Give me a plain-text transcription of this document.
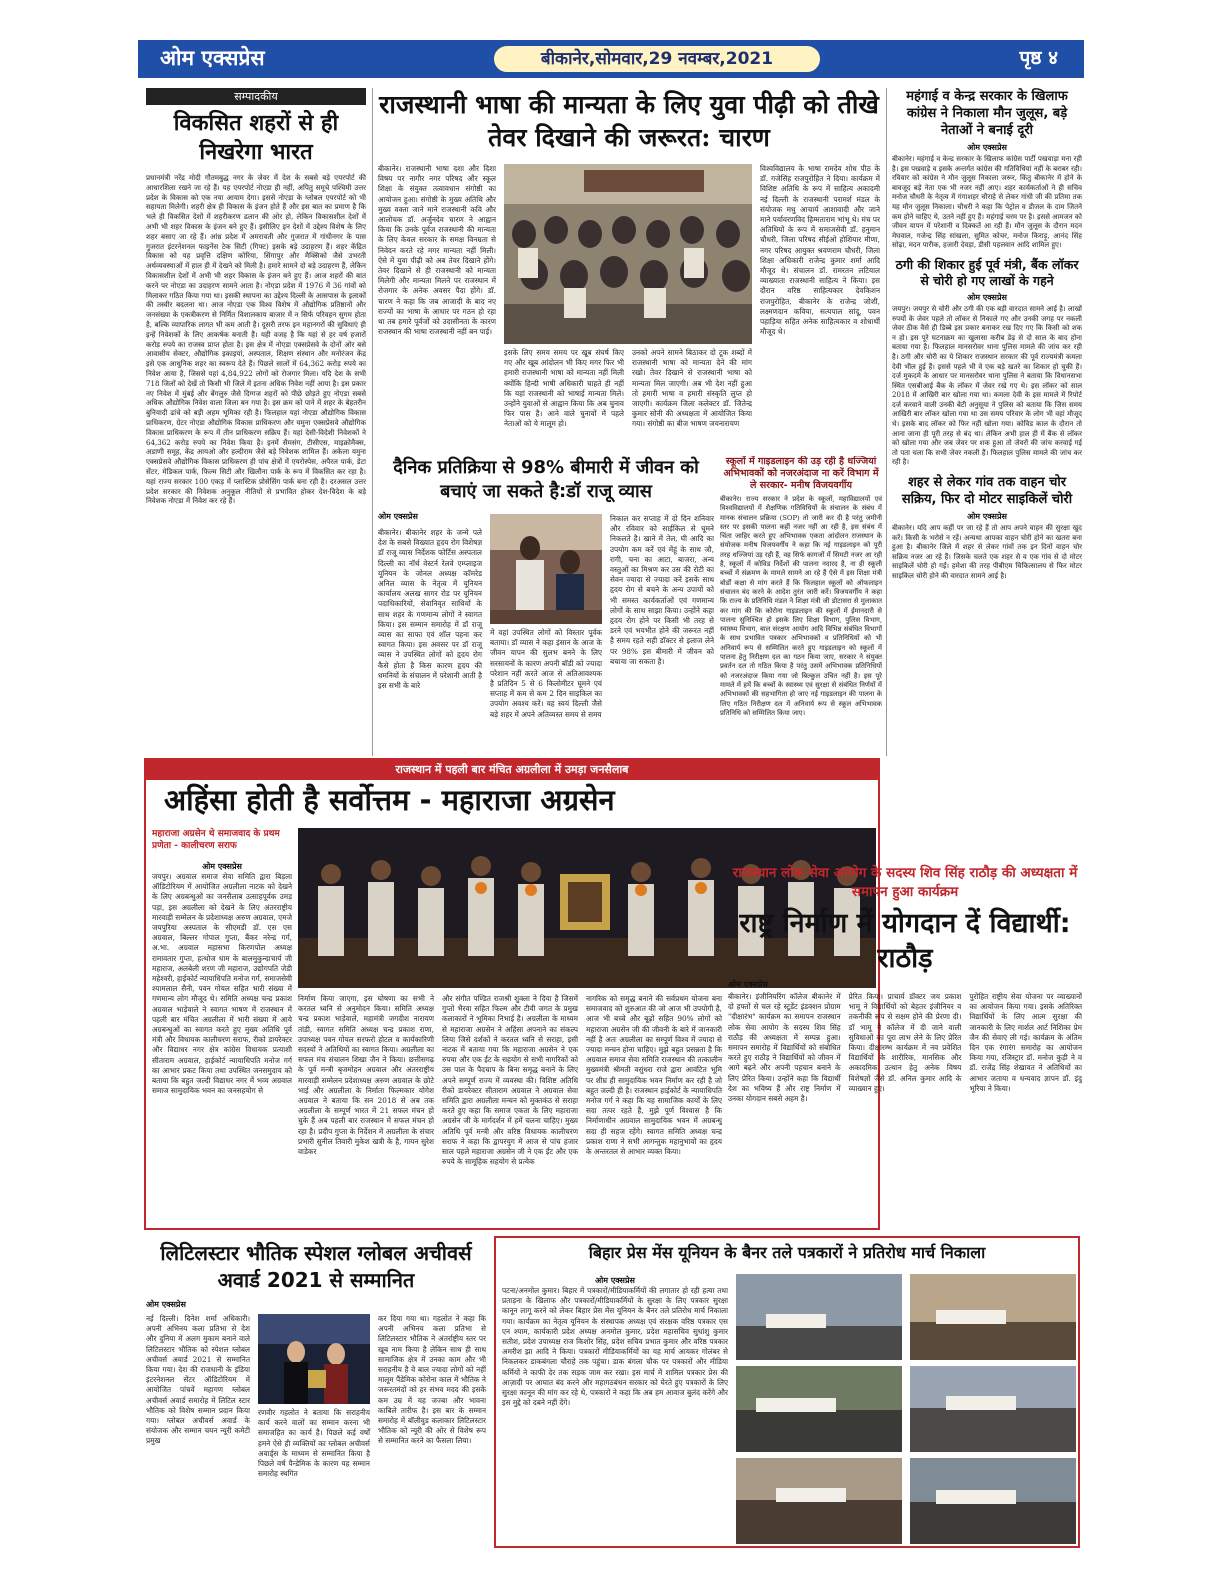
ओम एक्सप्रेस	बीकानेर,सोमवार,29 नवम्बर,2021	पृष्ठ ४
सम्पादकीय
विकसित शहरों से ही निखरेगा भारत
प्रधानमंत्री नरेंद्र मोदी गौतमबुद्ध नगर के जेवर में देश के सबसे बड़े एयरपोर्ट की आधारशिला रखने जा रहे हैं। यह एयरपोर्ट नोएडा ही नहीं, अपितु समूचे पश्चिमी उत्तर प्रदेश के विकास को एक नया आयाम देगा। इससे नोएडा के ग्लोबल एयरपोर्ट को भी सहायता मिलेगी। शहरी क्षेत्र ही विकास के इंजन होते हैं और इस बात का प्रमाण है कि भले ही विकसित देशों में शहरीकरण ढलान की ओर हो, लेकिन विकासशील देशों में अभी भी शहर विकास के इंजन बने हुए हैं। इसीलिए इन देशों में उद्देश्य विशेष के लिए शहर बसाए जा रहे हैं। आंध्र प्रदेश में अमरावती और गुजरात में गांधीनगर के पास गुजरात इंटरनेशनल फाइनेंस टेक सिटी (गिफ्ट) इसके बड़े उदाहरण हैं। शहर केंद्रित विकास को यह प्रवृत्ति दक्षिण कोरिया, सिंगापुर और मैक्सिको जैसे उभरती अर्थव्यवस्थाओं में हाल ही में देखने को मिली है। हमारे सामने दो बड़े उदाहरण हैं, लेकिन विकासशील देशों में अभी भी शहर विकास के इंजन बने हुए हैं। आज शहरों की बात करने पर नोएडा का उदाहरण सामने आता है। नोएडा प्रदेश में 1976 में 36 गांवों को मिलाकर गठित किया गया था। इसकी स्थापना का उद्देश्य दिल्ली के आसपास के इलाकों की तस्वीर बदलना था। आज नोएडा एक विश्व विशेष में औद्योगिक प्रतिष्ठानों और जनसंख्या के एकत्रीकरण से निर्मित विशालकाय बाजार में न सिर्फ परिवहन सुगम होता है, बल्कि व्यापारिक लागत भी कम आती है। दूसरी तरफ इन महानगरों की सुविधाएं ही इन्हें निवेशकों के लिए आकर्षक बनाती हैं। यही वजह है कि यहां से हर वर्ष हजारों करोड़ रुपये का राजस्व प्राप्त होता है। इस क्षेत्र में नोएडा एक्सप्रेसवे के दोनों ओर बसे आवासीय सेक्टर, औद्योगिक इकाइयां, अस्पताल, शिक्षण संस्थान और मनोरंजन केंद्र इसे एक आधुनिक शहर का स्वरूप देते हैं। पिछले सालों में 64,362 करोड़ रुपये का निवेश आया है, जिससे यहां 4,84,922 लोगों को रोजगार मिला। यदि देश के सभी 718 जिलों को देखें तो किसी भी जिले में इतना अधिक निवेश नहीं आया है। इस प्रकार नए निवेश में मुंबई और बेंगलुरु जैसे दिग्गज शहरों को पीछे छोड़ते हुए नोएडा सबसे अधिक औद्योगिक निवेश वाला जिला बन गया है। इस क्रम को पाने में शहर के बेहतरीन बुनियादी ढांचे को बड़ी अहम भूमिका रही है। फिलहाल यहां नोएडा औद्योगिक विकास प्राधिकरण, ग्रेटर नोएडा औद्योगिक विकास प्राधिकरण और यमुना एक्सप्रेसवे औद्योगिक विकास प्राधिकरण के रूप में तीन प्राधिकरण सक्रिय हैं। यहां देसी-विदेशी निवेशकों ने 64,362 करोड़ रुपये का निवेश किया है। इनमें सैमसंग, टीसीएस, माइक्रोमैक्स, अडाणी समूह, केंद्र आयओ और हल्दीराम जैसे बड़े निवेशक शामिल हैं। अकेला यमुना एक्सप्रेसवे औद्योगिक विकास प्राधिकरण ही पांच क्षेत्रों में एयरोस्पेस, अपैरल पार्क, डेटा सेंटर, मेडिकल पार्क, फिल्म सिटी और खिलौना पार्क के रूप में विकसित कर रहा है। यहां राज्य सरकार 100 एकड़ में प्लास्टिक प्रोसेसिंग पार्क बना रही है। दरअसल उत्तर प्रदेश सरकार की निवेशक अनुकूल नीतियों से प्रभावित होकर देश-विदेश के बड़े निवेशक नोएडा में निवेश कर रहे हैं।
राजस्थानी भाषा की मान्यता के लिए युवा पीढ़ी को तीखे तेवर दिखाने की जरूरत: चारण
बीकानेर। राजस्थानी भाषा दशा और दिशा विषय पर नागौर नगर परिषद और स्कूल शिक्षा के संयुक्त तत्वावधान संगोष्ठी का आयोजन हुआ। संगोष्ठी के मुख्य अतिथि और मुख्य वक्ता जाने माने राजस्थानी कवि और आलोचक डॉ. अर्जुनदेव चारण ने आह्वान किया कि उनके पूर्वज राजस्थानी की मान्यता के लिए केवल सरकार के समक्ष विनम्रता से निवेदन करते रहे मगर मान्यता नहीं मिली। ऐसे में युवा पीढ़ी को अब तेवर दिखाने होंगे। तेवर दिखाने से ही राजस्थानी को मान्यता मिलेगी और मान्यता मिलने पर राजस्थान में रोजगार के अनेक अवसर पैदा होंगे। डॉ. चारण ने कहा कि जब आजादी के बाद नए राज्यों का भाषा के आधार पर गठन हो रहा था तब हमारे पूर्वजों को उदासीनता के कारण राजस्थान की भाषा राजस्थानी नहीं बन पाई।
इसके लिए समय समय पर खूब संघर्ष किए गए और खूब आंदोलन भी किए मगर फिर भी हमारी राजस्थानी भाषा को मान्यता नहीं मिली क्योंकि हिन्दी भाषी अधिकारी चाहते ही नहीं कि यहां राजस्थानी को भाषाई मान्यता मिले। उन्होंने युवाओं से आह्वान किया कि अब चुनाव फिर पास है। आने वाले चुनावों में पहले नेताओं को ये मालूम हो।
उनको अपने सामने बिठाकर दो टूक शब्दों में राजस्थानी भाषा को मान्यता देने की मांग रखो। तेवर दिखाने से राजस्थानी भाषा को मान्यता मिल जाएगी। अब भी देश नहीं हुआ तो हमारी भाषा व हमारी संस्कृति लुप्त हो जाएगी। कार्यक्रम जिला कलेक्टर डॉ. जितेन्द्र कुमार सोनी की अध्यक्षता में आयोजित किया गया। संगोष्ठी का बीज भाषण जयनारायण
विश्वविद्यालय के भाषा रामदेव शोध पीठ के डॉ. गजेसिंह राजपुरोहित ने दिया। कार्यक्रम में विशिष्ट अतिथि के रूप में साहित्य अकादमी नई दिल्ली के राजस्थानी परामर्श मंडल के संयोजक मधु आचार्य आशावादी और जाने माने पर्यावरणविद हिम्मताराम भांभू थे। मंच पर अतिथियों के रूप में समाजसेवी डॉ. हनुमान चौधरी, जिला परिषद सीईओ होशियार मीणा, नगर परिषद आयुक्त श्रवणराम चौधरी, जिला शिक्षा अधिकारी राजेन्द्र कुमार शर्मा आदि मौजूद थे। संचालन डॉ. रामरतन लटियाल व्याख्याता राजस्थानी साहित्य ने किया। इस दौरान वरिष्ठ साहित्यकार देवकिशन राजपुरोहित, बीकानेर के राजेन्द्र जोशी, लक्ष्मणदान कविया, सत्यपाल सांदू, पवन पहाड़िया सहित अनेक साहित्यकार व शोधार्थी मौजूद थे।
महंगाई व केन्द्र सरकार के खिलाफ कांग्रेस ने निकाला मौन जुलूस, बड़े नेताओं ने बनाई दूरी
ओम एक्सप्रेस
बीकानेर। महंगाई व केन्द्र सरकार के खिलाफ कांग्रेस पार्टी पखवाड़ा मना रही है। इस पखवाड़े व इसके अन्तर्गत कांग्रेस की गतिविधियां नहीं के बराबर रही। रविवार को कांग्रेस ने मौन जुलूस निकाला जरूर, किंतु बीकानेर में होने के बावजूद बड़े नेता एक भी नजर नहीं आए। शहर कार्यकर्ताओं ने ही सचिव मनोज चौधरी के नेतृत्व में गंगाशहर चौराहे से लेकर गांधी जी की प्रतिमा तक यह मौन जुलूस निकाला। चौधरी ने कहा कि पेट्रोल व डीजल के दाम जितने कम होने चाहिए थे, उतने नहीं हुए हैं। महंगाई चरम पर है। इससे आमजन को जीवन यापन में परेशानी व दिक्कतें आ रही हैं। मौन जुलूस के दौरान मदन मेघवाल, गजेन्द्र सिंह सांखला, सुमित कोचर, मनोज किराड़ू, आनंद सिंह सोढ़ा, मदन पारीक, हजारी देवड़ा, डीसी पहलवान आदि शामिल हुए।
ठगी की शिकार हुई पूर्व मंत्री, बैंक लॉकर से चोरी हो गए लाखों के गहने
ओम एक्सप्रेस
जयपुर। जयपुर से चोरी और ठगी की एक बड़ी वारदात सामने आई है। लाखों रुपयों के जेवर पहले तो लॉकर से निकाले गए और उनकी जगह पर नकली जेवर ठीक वैसे ही डिब्बे इस प्रकार बनाकर रख दिए गए कि किसी को शक न हो। इस पूरे घटनाक्रम का खुलासा करीब डेढ़ से दो साल के बाद होना बताया गया है। फिलहाल मानसरोवर थाना पुलिस मामले की जांच कर रही है। ठगी और चोरी का ये शिकार राजस्थान सरकार की पूर्व राज्यमंत्री कमला देवी भील हुई हैं। इससे पहले भी वे एक बड़े खतरे का शिकार हो चुकी हैं। दर्ज मुकदमे के आधार पर मानसरोवर थाना पुलिस ने बताया कि विधानसभा स्थित एसबीआई बैंक के लॉकर में जेवर रखे गए थे। इस लॉकर को साल 2018 में आखिरी बार खोला गया था। कमला देवी के इस मामले में रिपोर्ट दर्ज करवाने वाली उनकी बेटी अनुसूया ने पुलिस को बताया कि जिस समय आखिरी बार लॉकर खोला गया था उस समय परिवार के लोग भी वहां मौजूद थे। इसके बाद लॉकर को फिर नहीं खोला गया। कोविड काल के दौरान तो आना जाना ही पूरी तरह से बंद था। लेकिन अभी हाल ही में बैंक से लॉकर को खोला गया और जब जेवर पर शक हुआ तो जेवरों की जांच करवाई गई तो पता चला कि सभी जेवर नकली हैं। फिलहाल पुलिस मामले की जांच कर रही है।
शहर से लेकर गांव तक वाहन चोर सक्रिय, फिर दो मोटर साइकिलें चोरी
ओम एक्सप्रेस
बीकानेर। यदि आप कहीं पर जा रहे हैं तो आप अपने वाहन की सुरक्षा खुद करें। किसी के भरोसे न रहें। अन्यथा आपका वाहन चोरी होने का खतरा बना हुआ है। बीकानेर जिले में शहर से लेकर गांवों तक इन दिनों वाहन चोर सक्रिय नजर आ रहे हैं। जिसके चलते एक शहर से व एक गांव से दो मोटर साइकिलें चोरी हो गईं। हमेशा की तरह पीबीएम चिकित्सालय से फिर मोटर साइकिल चोरी होने की वारदात सामने आई है।
दैनिक प्रतिक्रिया से 98% बीमारी में जीवन को बचाएं जा सकते है:डॉ राजू व्यास
ओम एक्सप्रेस
बीकानेर। बीकानेर शहर के जन्मे पले देश के सबसे विख्यात हृदय रोग विशेषज्ञ डॉ राजू व्यास निर्देशक फोर्टिस अस्पताल दिल्ली का नॉर्थ वेस्टर्न रेलवे एम्प्लाइज यूनियन के जोनल अध्यक्ष कॉमरेड अनिल व्यास के नेतृत्व में यूनियन कार्यालय अलख सागर रोड पर यूनियन पदाधिकारियों, सेवानिवृत साथियों के साथ शहर के गणमान्य लोगों ने स्वागत किया। इस सम्मान समारोह में डॉ राजू व्यास का साफा एवं शॉल पहना कर स्वागत किया। इस अवसर पर डॉ राजू व्यास ने उपस्थित लोगों को हृदय रोग कैसे होता है किस कारण हृदय की धमनियों के संचालन में परेशानी आती है इस सभी के बारे
में वहां उपस्थित लोगों को विस्तार पूर्वक बताया। डॉ व्यास ने कहा इंसान के आज के जीवन यापन की सुलभ बनने के लिए सरसायनों के कारण अपनी बॉडी को ज्यादा परेशान नहीं करते आज से अतिआवश्यक है प्रतिदिन 5 से 6 किलोमीटर घूमने एवं सप्ताह में कम से कम 2 दिन साइकिल का उपयोग अवश्य करें। वह स्वयं दिल्ली जैसे बड़े शहर में अपने अतिव्यस्त समय से समय
निकाल कर सप्ताह में दो दिन शनिवार और रविवार को साईकिल से घूमने निकलते है। खाने में तेल, घी आदि का उपयोग कम करें एवं मेंहूं के साथ जौ, रागी, चना का आटा, बाजरा, अन्य वस्तुओं का मिश्रण कर उस की रोटी का सेवन ज्यादा से ज्यादा करें इसके साथ हृदय रोग से बचने के अन्य उपायों को भी समस्त कार्यकर्ताओं एवं गणमान्य लोगों के साथ साझा किया। उन्होंने कहा हृदय रोग होने पर किसी भी तरह से डरने एवं भयभीत होने की जरूरत नहीं है समय रहते सही डॉक्टर से इलाज लेने पर 98% इस बीमारी में जीवन को बचाया जा सकता है।
स्कूलों में गाइडलाइन की उड़ रही है धज्जियां अभिभावकों को नजरअंदाज ना करें विभाग में ले सरकार- मनीष विजयवर्गीय
बीकानेर। राज्य सरकार ने प्रदेश के स्कूलों, महाविद्यालयों एवं विश्वविद्यालयों में शैक्षणिक गतिविधियों के संचालन के संबंध में मानक संचालन प्रक्रिया (SOP) तो जारी कर दी है परंतु जमीनी स्तर पर इसकी पालना कहीं नजर नहीं आ रही है, इस संबंध में चिंता जाहिर करते हुए अभिभावक एकता आंदोलन राजस्थान के संयोजक मनीष विजयवर्गीय ने कहा कि नई गाइडलाइन को पूरी तरह धज्जियां उड़ रही हैं, वह सिर्फ कागजों में सिमटी नजर आ रही है, स्कूलों में कोविड निर्देशों की पालना नदारद है, ना ही स्कूली बच्चों में संक्रमण के मामले सामने आ रहे हैं ऐसे में इस शिक्षा मंत्री बोर्डों कक्षा से मांग करते हैं कि फिलहाल स्कूलों को ऑफलाइन संचालन बंद करने के आदेश तुरंत जारी करें। विजयवर्गीय ने कहा कि राज्य के प्रतिनिधि मंडल ने शिक्षा मंत्री जी डोटासरा से मुलाकात कर मांग की कि कोरोना गाइडलाइन की स्कूलों में ईमानदारी से पालना सुनिश्चित हो इसके लिए शिक्षा विभाग, पुलिस विभाग, स्वास्थ्य विभाग, बाल संरक्षण आयोग आदि विभिन्न संबंधित विभागों के साथ प्रभावित पत्रकार अभिभावकों व प्रतिनिधियों को भी अनिवार्य रूप से सम्मिलित करते हुए गाइडलाइन को स्कूलों में पालना हेतु निरीक्षण दल का गठन किया जाए, सरकार ने संयुक्त प्रवर्तन दल तो गठित किया है परंतु उसमें अभिभावक प्रतिनिधियों को नजरअंदाज किया गया जो बिल्कुल उचित नहीं है। इस पूरे मामले में हमें कि बच्चों के स्वास्थ्य एवं सुरक्षा से संबंधित निर्णयों में अभिभावकों की सहभागिता हो जाए नई गाइडलाइन की पालना के लिए गठित निरीक्षण दल में अनिवार्य रूप से स्कूल अभिभावक प्रतिनिधि को सम्मिलित किया जाए।
राजस्थान में पहली बार मंचित अग्रलीला में उमड़ा जनसैलाब
अहिंसा होती है सर्वोत्तम - महाराजा अग्रसेन
महाराजा अग्रसेन थे समाजवाद के प्रथम प्रणेता - कालीचरण सराफ
ओम एक्सप्रेस
जयपुर। अग्रवाल समाज सेवा समिति द्वारा बिड़ला ऑडिटोरियम में आयोजित अग्रलीला नाटक को देखने के लिए अग्रबन्धुओं का जनसैलाब उत्साहपूर्वक उमड़ पड़ा, इस अग्रलीला को देखने के लिए अंतरराष्ट्रीय मारवाड़ी सम्मेलन के प्रदेशाध्यक्ष अरुण अग्रवाल, एमजे जयपुरिया अस्पताल के सीएमडी डॉ. एस एस अग्रवाल, बिल्लर गोपाल गुप्ता, बैंकर नरेन्द्र गर्ग, अ.भा. अग्रवाल महासभा किरणपोल अध्यक्ष रामावतार गुप्ता, हत्थोज धाम के बालमुकुन्दाचार्य जी महाराज, अलबेली शरण जी महाराज, उद्योगपति जेडी महेश्वरी, हाईकोर्ट न्यायाधिपति मनोज गर्ग, समाजसेवी श्यामलाल सैनी, पवन गोयल सहित भारी संख्या में गणमान्य लोग मौजूद थे। समिति अध्यक्ष चन्द्र प्रकाश अग्रवाल भाड़ेवाले ने स्वागत भाषण में राजस्थान में पहली बार मंचित अग्रलीला में भारी संख्या में आये अग्रबन्धुओं का स्वागत करते हुए मुख्य अतिथि पूर्व मंत्री और विधायक कालीचरण सराफ, रीको डायरेक्टर और विद्याधर नगर क्षेत्र कांग्रेस विधायक प्रत्याशी सीताराम अग्रवाल, हाईकोर्ट न्यायाधिपति मनोज गर्ग का आभार प्रकट किया तथा उपस्थित जनसमुदाय को बताया कि बहुत जल्दी विद्याधर नगर में भव्य अग्रवाल समाज सामुदायिक भवन का जनसहयोग से
निर्माण किया जाएगा, इस घोषणा का सभी ने करतल ध्वनि से अनुमोदन किया। समिति अध्यक्ष चन्द्र प्रकाश भाड़ेवाले, महामंत्री जगदीश नारायण तांडी, स्वागत समिति अध्यक्ष चन्द्र प्रकाश राणा, उपाध्यक्ष पवन गोयल सरफरो होटल व कार्यकारिणी सदस्यों ने अतिथियों का स्वागत किया। अग्रलीला का सफल मंच संचालन शिखा जैन ने किया। छत्तीसगढ़ के पूर्व मन्त्री बृजमोहन अग्रवाल और अंतरराष्ट्रीय मारवाड़ी सम्मेलन प्रदेशाध्यक्ष अरुण अग्रवाल के छोटे भाई और अग्रलीला के निर्माता फिल्मकार योगेश अग्रवाल ने बताया कि सन 2018 से अब तक अग्रलीला के सम्पूर्ण भारत में 21 सफल मंचन हो चुके हैं अब पहली बार राजस्थान में सफल मंचन हो रहा है। प्रदीप गुप्ता के निर्देशन में अग्रलीला के संचार प्रभारी सुनील तिवारी मुकेश खत्री के है, गायन सुरेश वाडेकर
और संगीत पण्डित राजश्री शुक्ला ने दिया है जिसमें गुप्तो भैरवा सहित फिल्म और टीवी जगत के प्रमुख कलाकारों ने भूमिका निभाई है। अग्रलीला के माध्यम से महाराजा अग्रसेन ने अहिंसा अपनाने का संकल्प लिया जिसे दर्शकों ने करतल ध्वनि से सराहा, इसी नाटक में बताया गया कि महाराजा अग्रसेन ने एक रुपया और एक ईंट के सहयोग से सभी नागरिकों को उस पाल के पैदचाप के बिना समृद्ध बनाने के लिए अपने सम्पूर्ण राज्य में व्यवस्था की। विशिष्ट अतिथि रीको डायरेक्टर सीताराम अग्रवाल ने अग्रवाल सेवा समिति द्वारा अग्रलीला मन्चन को मुक्तकंठ से सराहा करते हुए कहा कि समाज एकता के लिए महाराजा अग्रसेन जी के मार्गदर्शन में हमें चलना चाहिए। मुख्य अतिथि पूर्व मन्त्री और वरिष्ठ विधायक कालीचरण सराफ ने कहा कि द्वापरयुग में आज से पांच हजार साल पहले महाराजा अग्रसेन जी ने एक ईंट और एक रुपये के सामूहिक सहयोग से प्रत्येक
नागरिक को समृद्ध बनाने की सर्वप्रथम योजना बना समाजवाद को शुरुआत की जो आज भी उपयोगी है, आज भी बच्चे और बूढ़ों सहित 90% लोगों को महाराजा अग्रसेन जी की जीवनी के बारे में जानकारी नहीं है अतः अग्रलीला का सम्पूर्ण विश्व में ज्यादा से ज्यादा मन्चन होना चाहिए। मुझे बहुत प्रसन्नता है कि अग्रवाल समाज सेवा समिति राजस्थान की तत्कालीन मुख्यमंत्री श्रीमती वसुंधरा राजे द्वारा आवंटित भूमि पर शीघ्र ही सामुदायिक भवन निर्माण कर रही है जो बहुत जल्दी ही है। राजस्थान हाईकोर्ट के न्यायाधिपति मनोज गर्ग ने कहा कि यह सामाजिक कार्यों के लिए सदा तत्पर रहते हैं, मुझे पूर्ण विश्वास है कि निर्माणाधीन अग्रवाल सामुदायिक भवन में अग्रबन्धु सदा ही सहज रहेंगे। स्वागत समिति अध्यक्ष चन्द्र प्रकाश राणा ने सभी आगन्तुक महानुभावों का हृदय के अन्तरतल से आभार व्यक्त किया।
राजस्थान लोक सेवा आयोग के सदस्य शिव सिंह राठौड़ की अध्यक्षता में समापन हुआ कार्यक्रम
राष्ट्र निर्माण में योगदान दें विद्यार्थी: राठौड़
ओम एक्सप्रेस
बीकानेर। इंजीनियरिंग कॉलेज बीकानेर में दो हफ्तों से चल रहे स्टूडेंट इंडक्शन प्रोग्राम "दीक्षारंभ" कार्यक्रम का समापन राजस्थान लोक सेवा आयोग के सदस्य शिव सिंह राठौड़ की अध्यक्षता में सम्पन्न हुआ। समापन समारोह में विद्यार्थियों को संबोधित करते हुए राठौड़ ने विद्यार्थियों को जीवन में आगे बढ़ने और अपनी पहचान बनाने के लिए प्रेरित किया। उन्होंने कहा कि विद्यार्थी देश का भविष्य हैं और राष्ट्र निर्माण में उनका योगदान सबसे अहम है।
प्रेरित किया। प्राचार्य डॉक्टर जय प्रकाश भामू ने विद्यार्थियों को बेहतर इंजीनियर व तकनीकी रूप से सक्षम होने की प्रेरणा दी। डॉ भामू ने कॉलेज में दी जाने वाली सुविधाओं का पूरा लाभ लेने के लिए प्रेरित किया। दीक्षारम्भ कार्यक्रम में नव प्रवेशित विद्यार्थियों के शारीरिक, मानसिक और अकादमिक उत्थान हेतु अनेक विषय विशेषज्ञों जैसे डॉ. अनिल कुमार आदि के व्याख्यान हुए।
पुरोहित राष्ट्रीय सेवा योजना पर व्याख्यानों का आयोजन किया गया। इसके अतिरिक्त विद्यार्थियों के लिए आत्म सुरक्षा की जानकारी के लिए मार्शल आर्ट निशिका प्रेम जैन की सेवाएं ली गई। कार्यक्रम के अंतिम दिन एक रंगारंग समारोह का आयोजन किया गया, रजिस्ट्रार डॉ. मनोज कुड़ी ने व डॉ. राजेंद्र सिंह शेखावत ने अतिथियों का आभार जताया व धन्यवाद ज्ञापन डॉ. इंदु भूरिया ने किया।
लिटिलस्टार भौतिक स्पेशल ग्लोबल अचीवर्स अवार्ड 2021 से सम्मानित
ओम एक्सप्रेस
नई दिल्ली। दिनेश शर्मा अधिकारी। अपनी अभिनय कला प्रतिभा से देश और दुनिया में अलग मुकाम बनाने वाले लिटिलस्टार भौतिक को स्पेशल ग्लोबल अचीवर्स अवार्ड 2021 से सम्मानित किया गया। देश की राजधानी के इंडिया इंटरनेशनल सेंटर ऑडिटोरियम में आयोजित पांचवें महागण ग्लोबल अचीवर्स अवार्ड समारोह में लिटिल स्टार भौतिक को विशेष सम्मान प्रदान किया गया। ग्लोबल अचीवर्स अवार्ड के संयोजक और सम्मान चयन न्यूरी कमेटी प्रमुख
रणवीर गहलोत ने बताया कि सराहनीय कार्य करने वालों का सम्मान करना भी समाजहित का कार्य है। पिछले कई वर्षों हमने ऐसे ही व्यक्तियों का ग्लोबल अचीवर्स अवार्ड्स के माध्यम से सम्मानित किया है पिछले वर्ष पैन्डेमिक के कारण यह सम्मान समारोह स्थगित
कर दिया गया था। गहलोत ने कहा कि अपनी अभिनय कला प्रतिभा से लिटिलस्टार भौतिक ने अंतर्राष्ट्रीय स्तर पर खूब नाम किया है लेकिन साथ ही साथ सामाजिक क्षेत्र में उनका काम और भी सराहनीय है वे बाल ज्यादा लोगों को नहीं मालूम पैंडेमिक कोरोना काल में भौतिक ने जरूरतमंदों को हर संभव मदद की इसके कम उम्र में यह जज्बा और भावना काबिले तारीफ है। इस बार के सम्मान समारोह में बॉलीवुड कलाकार लिटिलस्टार भौतिक को न्यूरी की ओर से विशेष रूप से सम्मानित करने का फैसला लिया।
बिहार प्रेस मेंस यूनियन के बैनर तले पत्रकारों ने प्रतिरोध मार्च निकाला
ओम एक्सप्रेस
पटना/अनमोल कुमार। बिहार में पत्रकारों/मीडियाकर्मियों की लगातार हो रही हत्या तथा प्रताड़ना के खिलाफ और पत्रकारों/मीडियाकर्मियों के सुरक्षा के लिए पत्रकार सुरक्षा कानून लागू करने को लेकर बिहार प्रेस मेंस यूनियन के बैनर तले प्रतिरोध मार्च निकाला गया। कार्यक्रम का नेतृत्व यूनियन के संस्थापक अध्यक्ष एवं संरक्षक वरिष्ठ पत्रकार एस एन श्याम, कार्यकारी प्रदेश अध्यक्ष अनमोल कुमार, प्रदेश महासचिव सुधांशु कुमार सतीश, प्रदेश उपाध्यक्ष राज किशोर सिंह, प्रदेश सचिव प्रभात कुमार और वरिष्ठ पत्रकार अमरीश झा आदि ने किया। पत्रकारों मीडियाकर्मियों का यह मार्च आयकर गोलंबर से निकलकर डाकबंगला चौराहे तक पहुंचा। डाक बंगला चौक पर पत्रकारों और मीडिया कर्मियों ने काफी देर तक सड़क जाम कर रखा। इस मार्च में शामिल पत्रकार प्रेस की आज़ादी पर आघात बंद करने और महागठबंधन सरकार को घेरते हुए पत्रकारों के लिए सुरक्षा कानून की मांग कर रहे थे, पत्रकारों ने कहा कि अब हम आवाज बुलंद करेंगे और इस मुद्दे को दबने नहीं देंगे।
